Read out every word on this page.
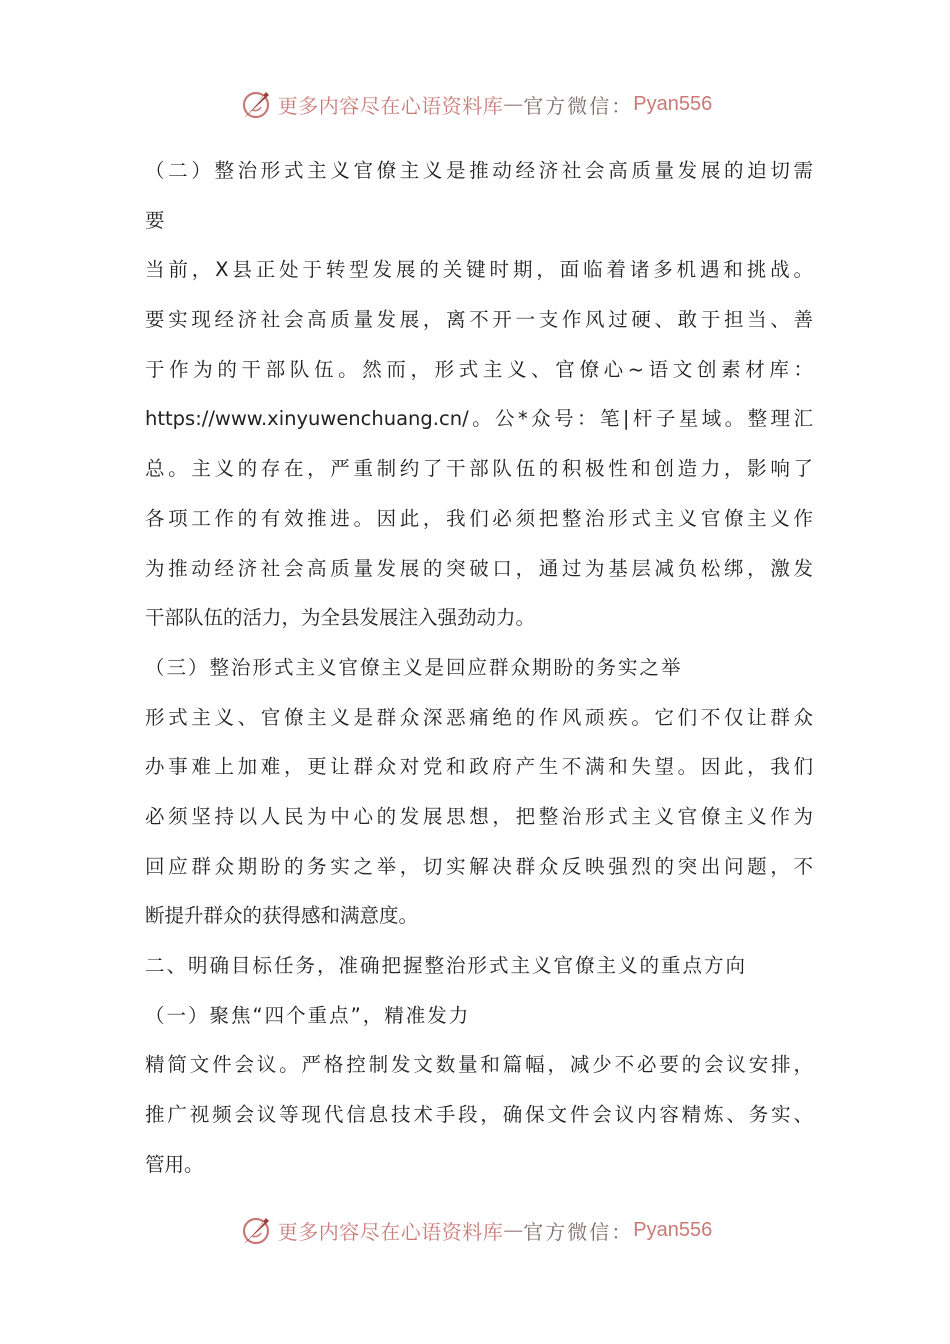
更多内容尽在心语资料库 — 官方微信： Pyan556
（二）整治形式主义官僚主义是推动经济社会高质量发展的迫切需
要
当前，X县正处于转型发展的关键时期，面临着诸多机遇和挑战。
要实现经济社会高质量发展，离不开一支作风过硬、敢于担当、善
于作为的干部队伍。然而，形式主义、官僚心~语文创素材库：
https://www.xinyuwenchuang.cn/。公*众号：笔|杆子星域。整理汇
总。主义的存在，严重制约了干部队伍的积极性和创造力，影响了
各项工作的有效推进。因此，我们必须把整治形式主义官僚主义作
为推动经济社会高质量发展的突破口，通过为基层减负松绑，激发
干部队伍的活力，为全县发展注入强劲动力。
（三）整治形式主义官僚主义是回应群众期盼的务实之举
形式主义、官僚主义是群众深恶痛绝的作风顽疾。它们不仅让群众
办事难上加难，更让群众对党和政府产生不满和失望。因此，我们
必须坚持以人民为中心的发展思想，把整治形式主义官僚主义作为
回应群众期盼的务实之举，切实解决群众反映强烈的突出问题，不
断提升群众的获得感和满意度。
二、明确目标任务，准确把握整治形式主义官僚主义的重点方向
（一）聚焦“四个重点”，精准发力
精简文件会议。严格控制发文数量和篇幅，减少不必要的会议安排，
推广视频会议等现代信息技术手段，确保文件会议内容精炼、务实、
管用。
更多内容尽在心语资料库 — 官方微信： Pyan556
